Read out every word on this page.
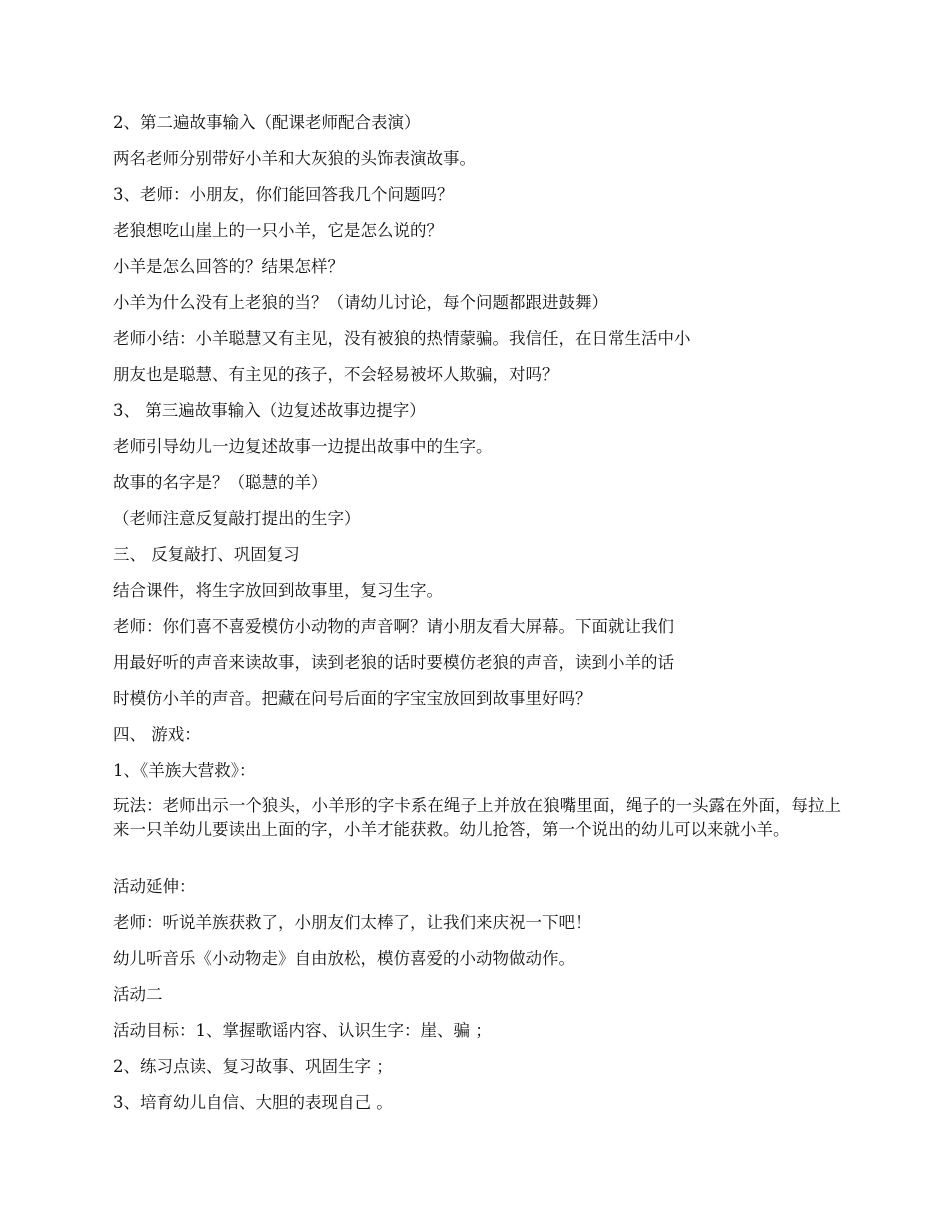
2、第二遍故事输入（配课老师配合表演）

两名老师分别带好小羊和大灰狼的头饰表演故事。

3、老师：小朋友，你们能回答我几个问题吗？

老狼想吃山崖上的一只小羊，它是怎么说的？

小羊是怎么回答的？结果怎样？

小羊为什么没有上老狼的当？（请幼儿讨论，每个问题都跟进鼓舞）

老师小结：小羊聪慧又有主见，没有被狼的热情蒙骗。我信任，在日常生活中小

朋友也是聪慧、有主见的孩子，不会轻易被坏人欺骗，对吗？

3、 第三遍故事输入（边复述故事边提字）

老师引导幼儿一边复述故事一边提出故事中的生字。

故事的名字是？（聪慧的羊）

（老师注意反复敲打提出的生字）

三、 反复敲打、巩固复习

结合课件，将生字放回到故事里，复习生字。

老师：你们喜不喜爱模仿小动物的声音啊？请小朋友看大屏幕。下面就让我们

用最好听的声音来读故事，读到老狼的话时要模仿老狼的声音，读到小羊的话

时模仿小羊的声音。把藏在问号后面的字宝宝放回到故事里好吗？

四、 游戏：

1、《羊族大营救》：

玩法：老师出示一个狼头，小羊形的字卡系在绳子上并放在狼嘴里面，绳子的一头露在外面，每拉上来一只羊幼儿要读出上面的字，小羊才能获救。幼儿抢答，第一个说出的幼儿可以来就小羊。

活动延伸：

老师：听说羊族获救了，小朋友们太棒了，让我们来庆祝一下吧！

幼儿听音乐《小动物走》自由放松，模仿喜爱的小动物做动作。

活动二

活动目标：1、掌握歌谣内容、认识生字：崖、骗 ；

2、练习点读、复习故事、巩固生字 ；

3、培育幼儿自信、大胆的表现自己 。
